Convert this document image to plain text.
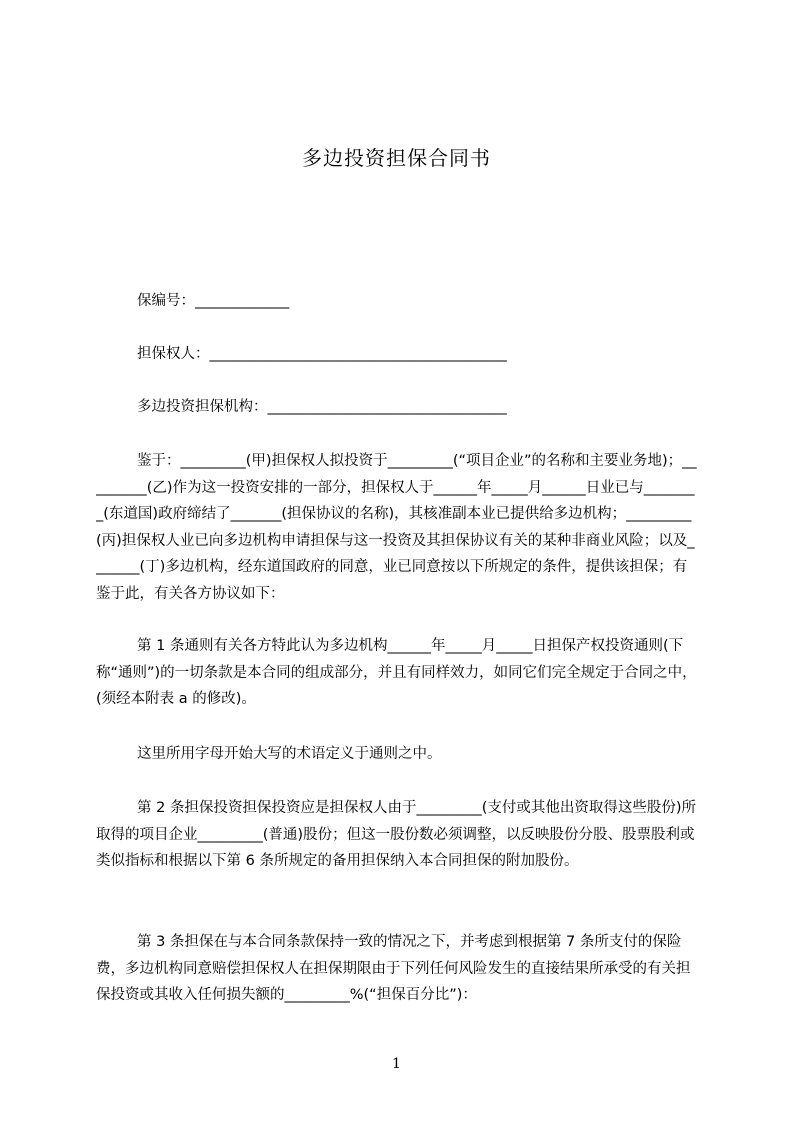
多边投资担保合同书
保编号：_____________
担保权人：_________________________________________
多边投资担保机构：_________________________________

鉴于：_________(甲)担保权人拟投资于_________(“项目企业”的名称和主要业务地)；_________(乙)作为这一投资安排的一部分，担保权人于______年_____月______日业已与________(东道国)政府缔结了_______(担保协议的名称)，其核准副本业已提供给多边机构；_________(丙)担保权人业已向多边机构申请担保与这一投资及其担保协议有关的某种非商业风险；以及_______(丁)多边机构，经东道国政府的同意，业已同意按以下所规定的条件，提供该担保；有鉴于此，有关各方协议如下：

第 1 条通则有关各方特此认为多边机构______年_____月_____日担保产权投资通则(下称“通则”)的一切条款是本合同的组成部分，并且有同样效力，如同它们完全规定于合同之中，(须经本附表 a 的修改)。

这里所用字母开始大写的术语定义于通则之中。

第 2 条担保投资担保投资应是担保权人由于_________(支付或其他出资取得这些股份)所取得的项目企业_________(普通)股份；但这一股份数必须调整，以反映股份分股、股票股利或类似指标和根据以下第 6 条所规定的备用担保纳入本合同担保的附加股份。

第 3 条担保在与本合同条款保持一致的情况之下，并考虑到根据第 7 条所支付的保险费，多边机构同意赔偿担保权人在担保期限由于下列任何风险发生的直接结果所承受的有关担保投资或其收入任何损失额的_________%(“担保百分比”)：

1
